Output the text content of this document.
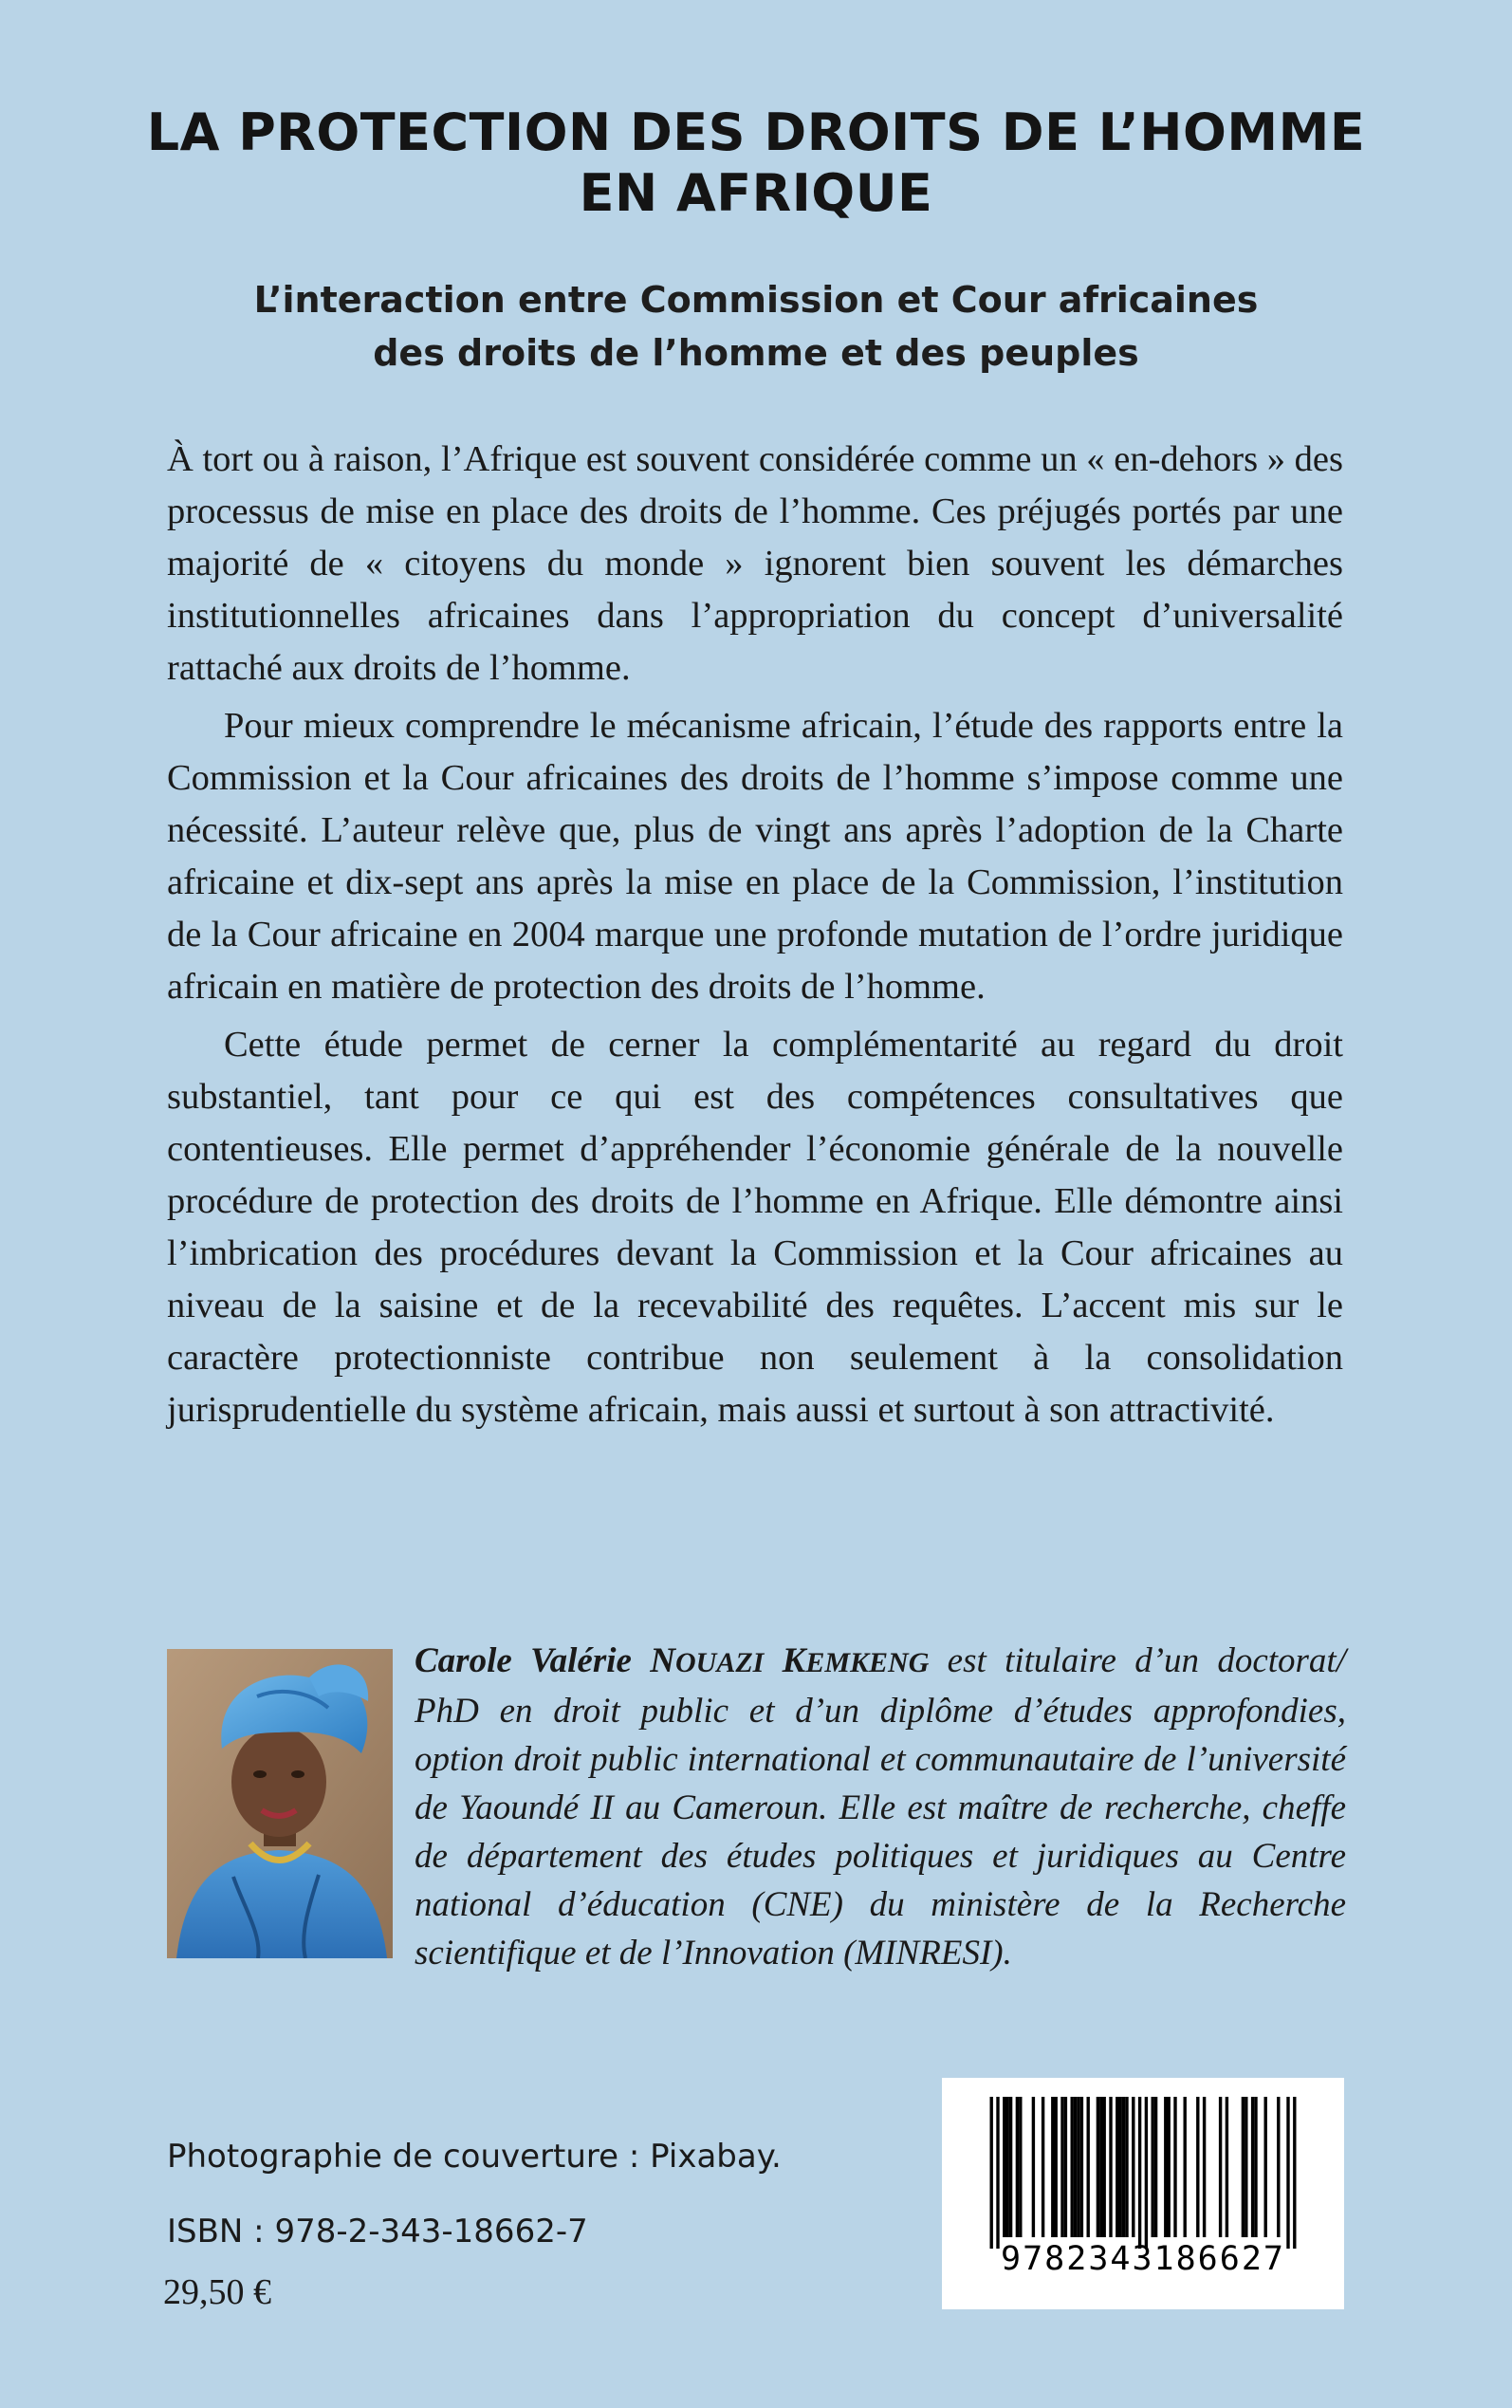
LA PROTECTION DES DROITS DE L’HOMME
EN AFRIQUE
L’interaction entre Commission et Cour africaines
des droits de l’homme et des peuples

À tort ou à raison, l’Afrique est souvent considérée comme un « en-dehors » des processus de mise en place des droits de l’homme. Ces préjugés portés par une majorité de « citoyens du monde » ignorent bien souvent les démarches institutionnelles africaines dans l’appropriation du concept d’universalité rattaché aux droits de l’homme.

Pour mieux comprendre le mécanisme africain, l’étude des rapports entre la Commission et la Cour africaines des droits de l’homme s’impose comme une nécessité. L’auteur relève que, plus de vingt ans après l’adoption de la Charte africaine et dix-sept ans après la mise en place de la Commission, l’institution de la Cour africaine en 2004 marque une profonde mutation de l’ordre juridique africain en matière de protection des droits de l’homme.

Cette étude permet de cerner la complémentarité au regard du droit substantiel, tant pour ce qui est des compétences consultatives que contentieuses. Elle permet d’appréhender l’économie générale de la nouvelle procédure de protection des droits de l’homme en Afrique. Elle démontre ainsi l’imbrication des procédures devant la Commission et la Cour africaines au niveau de la saisine et de la recevabilité des requêtes. L’accent mis sur le caractère protectionniste contribue non seulement à la consolidation jurisprudentielle du système africain, mais aussi et surtout à son attractivité.

Carole Valérie NOUAZI KEMKENG est titulaire d’un doctorat/ PhD en droit public et d’un diplôme d’études approfondies, option droit public international et communautaire de l’université de Yaoundé II au Cameroun. Elle est maître de recherche, cheffe de département des études politiques et juridiques au Centre national d’éducation (CNE) du ministère de la Recherche scientifique et de l’Innovation (MINRESI).
Photographie de couverture : Pixabay.
ISBN : 978-2-343-18662-7
29,50 €
9782343186627
